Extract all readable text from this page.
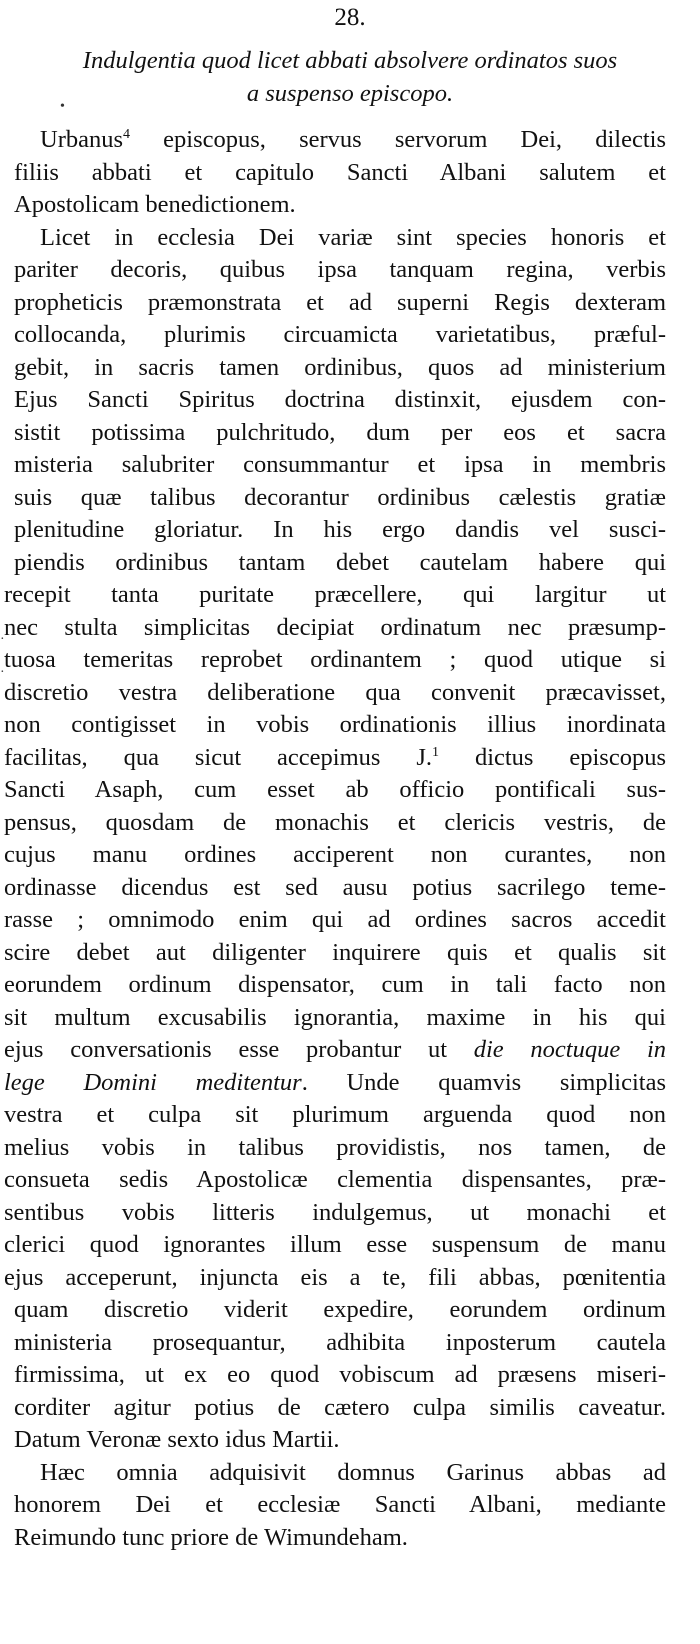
28.
Indulgentia quod licet abbati absolvere ordinatos suos
a suspenso episcopo.
•
·
·
Urbanus$^4$ episcopus, servus servorum Dei, dilectis
filiis abbati et capitulo Sancti Albani salutem et
Apostolicam benedictionem.
Licet in ecclesia Dei variæ sint species honoris et
pariter decoris, quibus ipsa tanquam regina, verbis
propheticis præmonstrata et ad superni Regis dexteram
collocanda, plurimis circuamicta varietatibus, præful-
gebit, in sacris tamen ordinibus, quos ad ministerium
Ejus Sancti Spiritus doctrina distinxit, ejusdem con-
sistit potissima pulchritudo, dum per eos et sacra
misteria salubriter consummantur et ipsa in membris
suis quæ talibus decorantur ordinibus cælestis gratiæ
plenitudine gloriatur. In his ergo dandis vel susci-
piendis ordinibus tantam debet cautelam habere qui
recepit tanta puritate præcellere, qui largitur ut
nec stulta simplicitas decipiat ordinatum nec præsump-
tuosa temeritas reprobet ordinantem ; quod utique si
discretio vestra deliberatione qua convenit præcavisset,
non contigisset in vobis ordinationis illius inordinata
facilitas, qua sicut accepimus J.$^1$ dictus episcopus
Sancti Asaph, cum esset ab officio pontificali sus-
pensus, quosdam de monachis et clericis vestris, de
cujus manu ordines acciperent non curantes, non
ordinasse dicendus est sed ausu potius sacrilego teme-
rasse ; omnimodo enim qui ad ordines sacros accedit
scire debet aut diligenter inquirere quis et qualis sit
eorundem ordinum dispensator, cum in tali facto non
sit multum excusabilis ignorantia, maxime in his qui
ejus conversationis esse probantur ut die noctuque in
lege Domini meditentur. Unde quamvis simplicitas
vestra et culpa sit plurimum arguenda quod non
melius vobis in talibus providistis, nos tamen, de
consueta sedis Apostolicæ clementia dispensantes, præ-
sentibus vobis litteris indulgemus, ut monachi et
clerici quod ignorantes illum esse suspensum de manu
ejus acceperunt, injuncta eis a te, fili abbas, pœnitentia
quam discretio viderit expedire, eorundem ordinum
ministeria prosequantur, adhibita inposterum cautela
firmissima, ut ex eo quod vobiscum ad præsens miseri-
corditer agitur potius de cætero culpa similis caveatur.
Datum Veronæ sexto idus Martii.
Hæc omnia adquisivit domnus Garinus abbas ad
honorem Dei et ecclesiæ Sancti Albani, mediante
Reimundo tunc priore de Wimundeham.
